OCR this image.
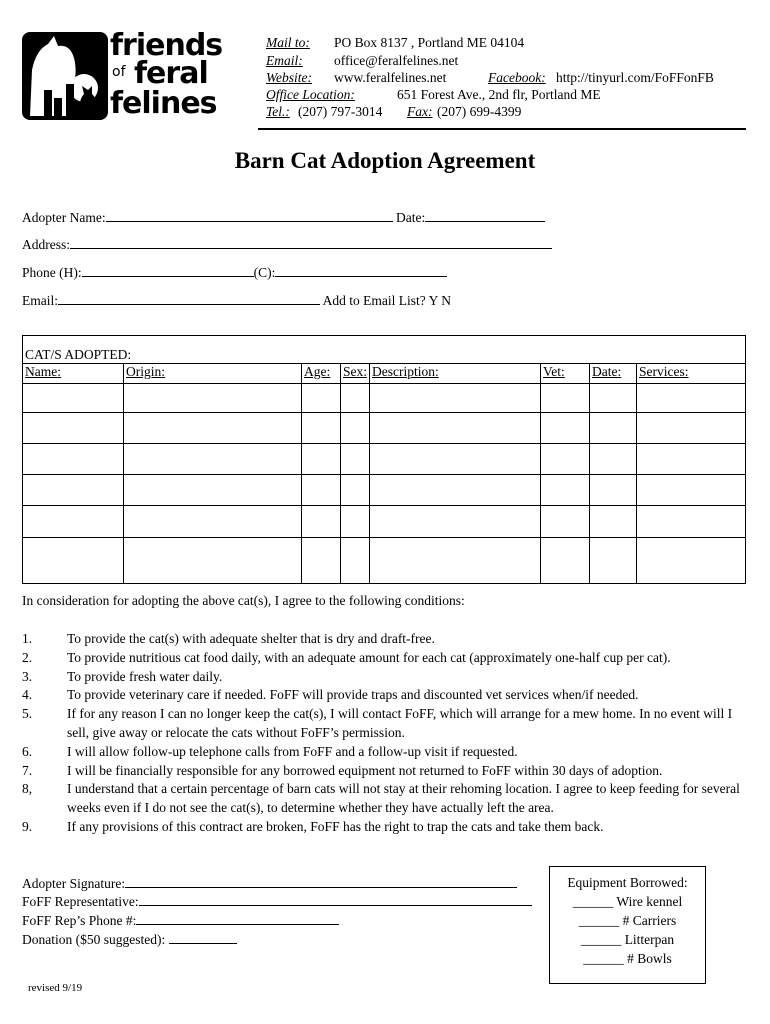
friends
of feral
felines
Mail to: PO Box 8137 , Portland ME 04104
Email: office@feralfelines.net
Website: www.feralfelines.net	Facebook: http://tinyurl.com/FoFFonFB
Office Location:	651 Forest Ave., 2nd flr, Portland ME
Tel.: (207) 797-3014 Fax: (207) 699-4399
Barn Cat Adoption Agreement
Adopter Name:	Date:
Address:
Phone (H):	(C):
Email:	Add to Email List? Y N
CAT/S ADOPTED:							
Name:	Origin:	Age:	Sex:	Description:	Vet:	Date:	Services:

In consideration for adopting the above cat(s), I agree to the following conditions:
1.	To provide the cat(s) with adequate shelter that is dry and draft-free.
2.	To provide nutritious cat food daily, with an adequate amount for each cat (approximately one-half cup per cat).
3.	To provide fresh water daily.
4.	To provide veterinary care if needed. FoFF will provide traps and discounted vet services when/if needed.
5.	If for any reason I can no longer keep the cat(s), I will contact FoFF, which will arrange for a mew home. In no event will I sell, give away or relocate the cats without FoFF’s permission.
6.	I will allow follow-up telephone calls from FoFF and a follow-up visit if requested.
7.	I will be financially responsible for any borrowed equipment not returned to FoFF within 30 days of adoption.
8,	I understand that a certain percentage of barn cats will not stay at their rehoming location. I agree to keep feeding for several weeks even if I do not see the cat(s), to determine whether they have actually left the area.
9.	If any provisions of this contract are broken, FoFF has the right to trap the cats and take them back.
Adopter Signature:
FoFF Representative:
FoFF Rep’s Phone #:
Donation ($50 suggested):
Equipment Borrowed:
______ Wire kennel
______ # Carriers
______ Litterpan
______ # Bowls
revised 9/19
